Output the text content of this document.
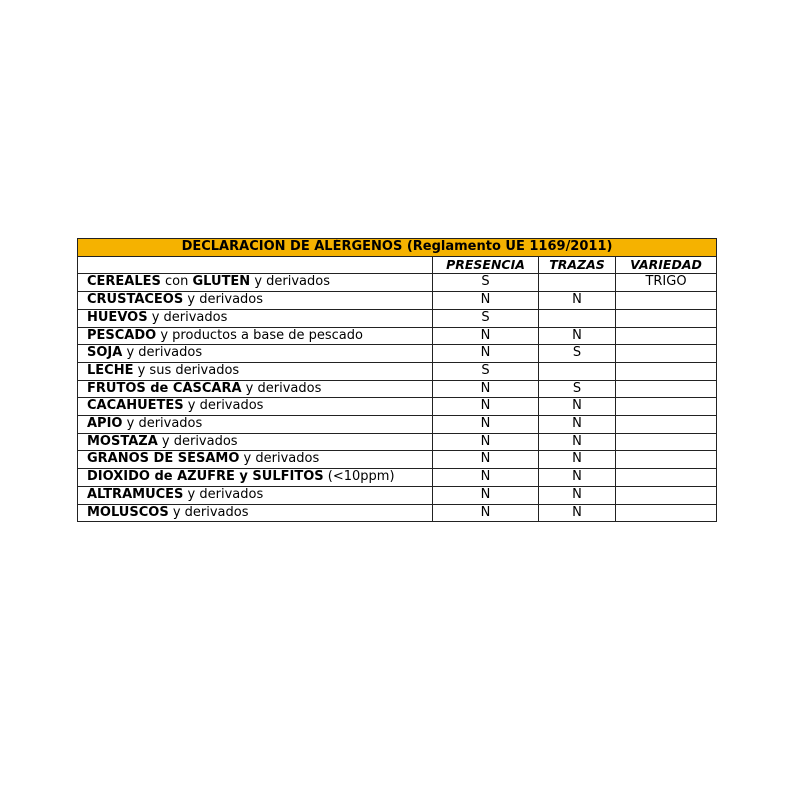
DECLARACIÓN DE ALÉRGENOS (Reglamento UE 1169/2011)			
	PRESENCIA	TRAZAS	VARIEDAD
CEREALES con GLUTEN y derivados	S		TRIGO
CRUSTÁCEOS y derivados	N	N	
HUEVOS y derivados	S		
PESCADO y productos a base de pescado	N	N	
SOJA y derivados	N	S	
LECHE y sus derivados	S		
FRUTOS de CÁSCARA y derivados	N	S	
CACAHUETES y derivados	N	N	
APIO y derivados	N	N	
MOSTAZA y derivados	N	N	
GRANOS DE SÉSAMO y derivados	N	N	
DIÓXIDO de AZUFRE y SULFITOS (<10ppm)	N	N	
ALTRAMUCES y derivados	N	N	
MOLUSCOS y derivados	N	N	
